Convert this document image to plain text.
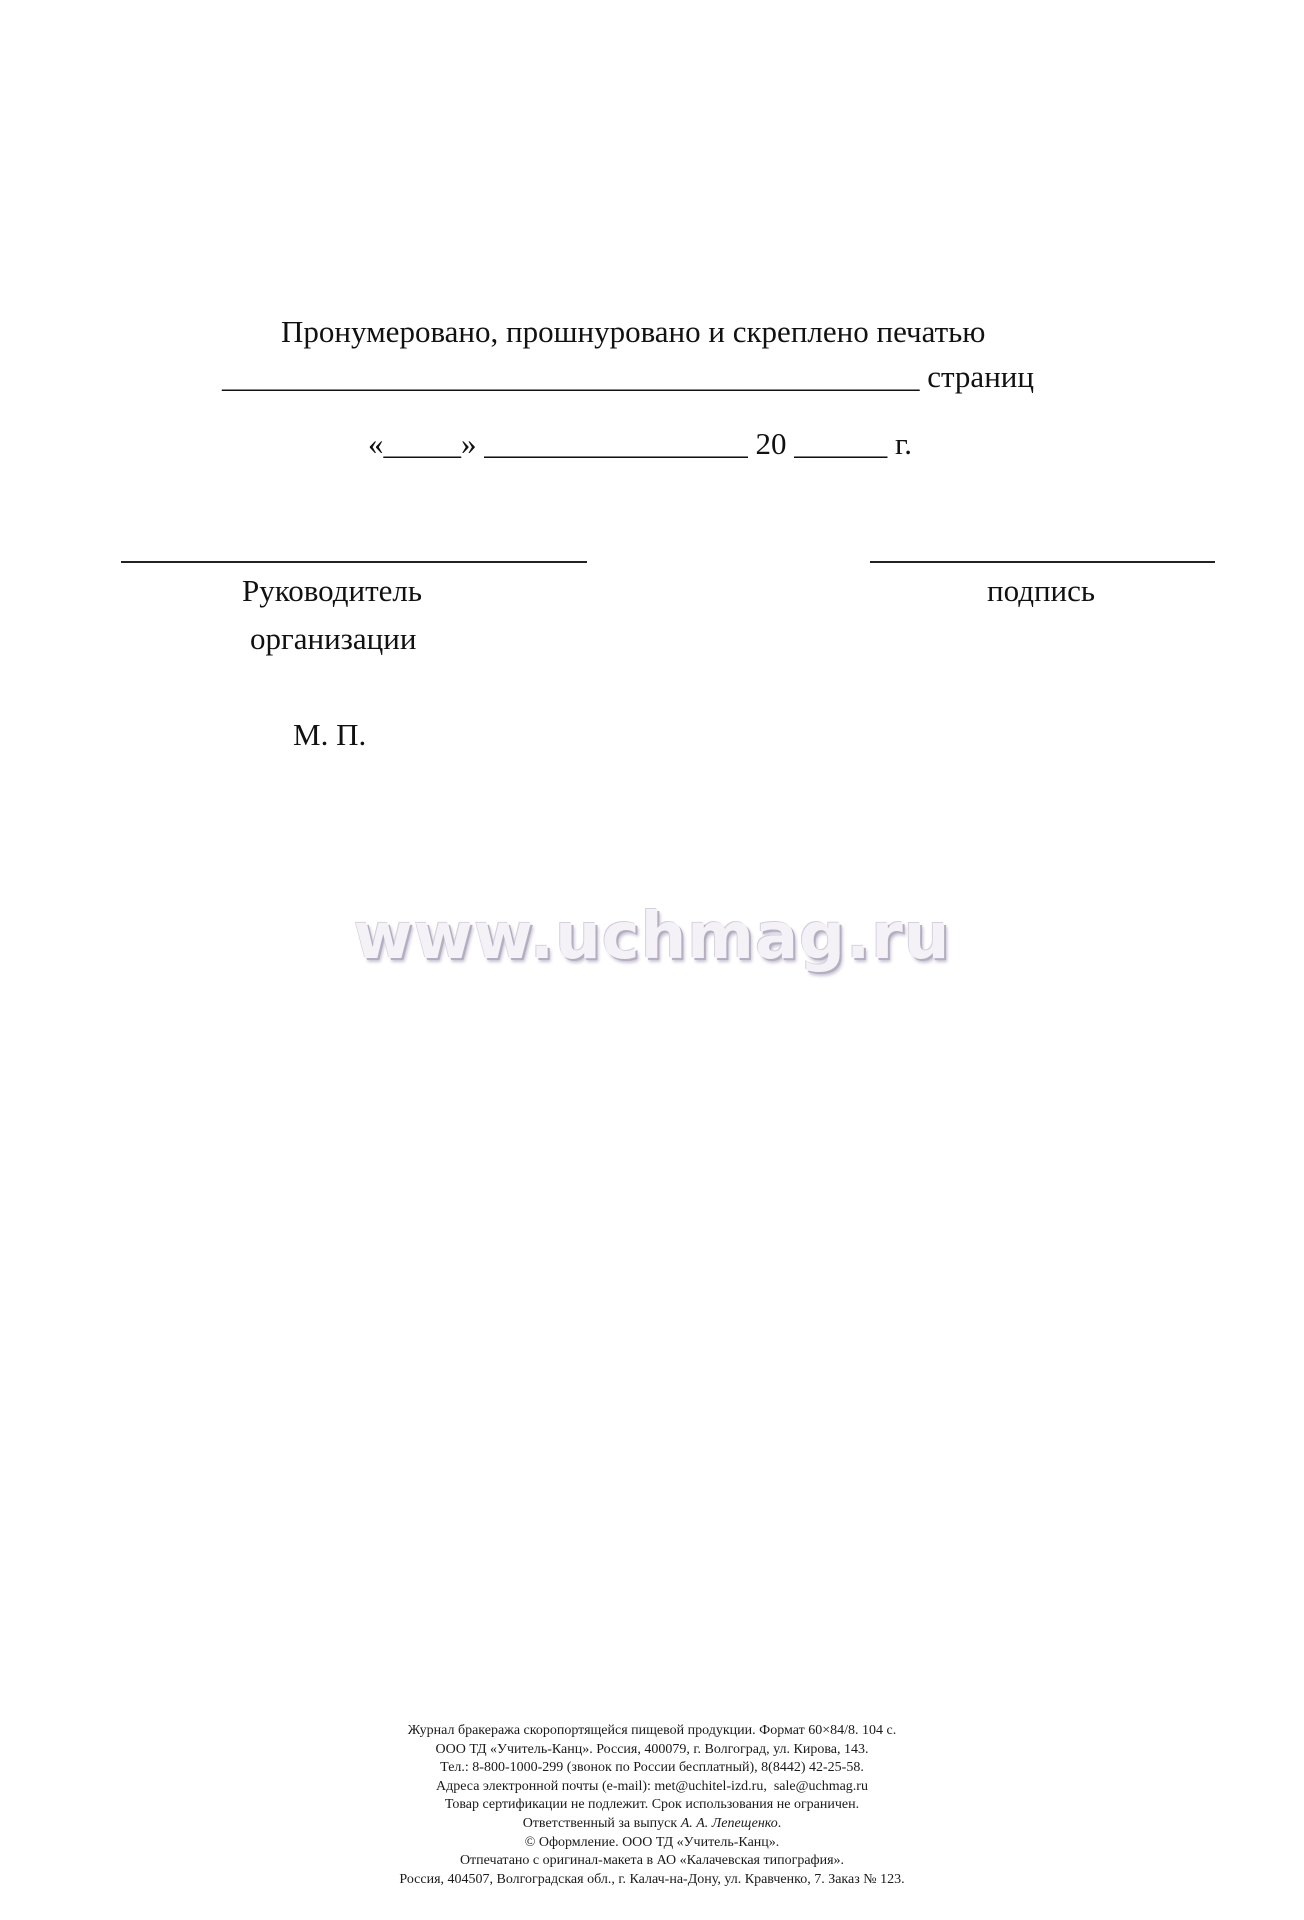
Пронумеровано, прошнуровано и скреплено печатью
_____________________________________________ страниц
«_____» _________________ 20 ______ г.
Руководитель
организации
подпись
М. П.
www.uchmag.ru
Журнал бракеража скоропортящейся пищевой продукции. Формат 60×84/8. 104 с.
ООО ТД «Учитель-Канц». Россия, 400079, г. Волгоград, ул. Кирова, 143.
Тел.: 8-800-1000-299 (звонок по России бесплатный), 8(8442) 42-25-58.
Адреса электронной почты (e-mail): met@uchitel-izd.ru,  sale@uchmag.ru
Товар сертификации не подлежит. Срок использования не ограничен.
Ответственный за выпуск А. А. Лепещенко.
© Оформление. ООО ТД «Учитель-Канц».
Отпечатано с оригинал-макета в АО «Калачевская типография».
Россия, 404507, Волгоградская обл., г. Калач-на-Дону, ул. Кравченко, 7. Заказ № 123.
